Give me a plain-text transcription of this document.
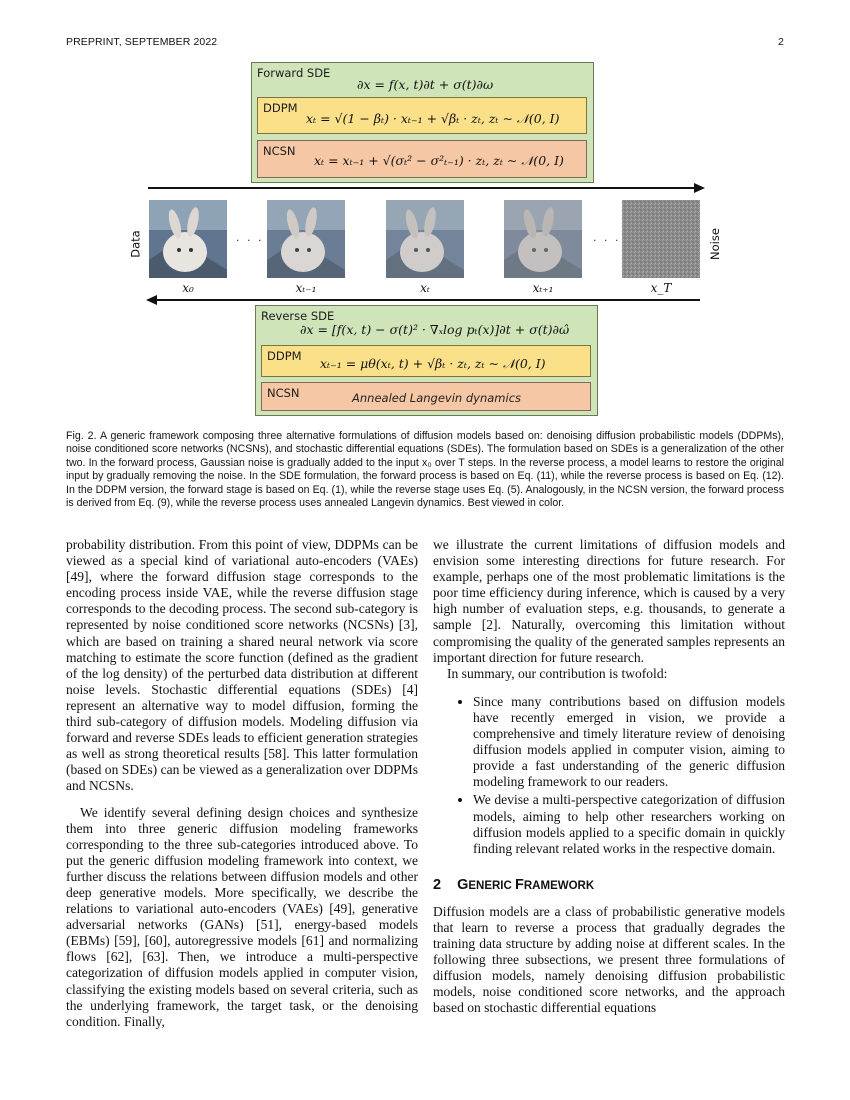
PREPRINT, SEPTEMBER 2022	2
Forward SDE
∂x = f(x, t)∂t + σ(t)∂ω
DDPM
xₜ = √(1 − βₜ) · xₜ₋₁ + √βₜ · zₜ, zₜ ∼ 𝒩(0, I)
NCSN
xₜ = xₜ₋₁ + √(σₜ² − σ²ₜ₋₁) · zₜ, zₜ ∼ 𝒩(0, I)
Data	Noise
· · ·	· · ·
x₀	xₜ₋₁	xₜ	xₜ₊₁	x_T
Reverse SDE
∂x = [f(x, t) − σ(t)² · ∇ₓlog pₜ(x)]∂t + σ(t)∂ω̂
DDPM xₜ₋₁ = μθ(xₜ, t) + √βₜ · zₜ, zₜ ∼ 𝒩(0, I)
NCSN	Annealed Langevin dynamics
Fig. 2. A generic framework composing three alternative formulations of diffusion models based on: denoising diffusion probabilistic models (DDPMs), noise conditioned score networks (NCSNs), and stochastic differential equations (SDEs). The formulation based on SDEs is a generalization of the other two. In the forward process, Gaussian noise is gradually added to the input x₀ over T steps. In the reverse process, a model learns to restore the original input by gradually removing the noise. In the SDE formulation, the forward process is based on Eq. (11), while the reverse process is based on Eq. (12). In the DDPM version, the forward stage is based on Eq. (1), while the reverse stage uses Eq. (5). Analogously, in the NCSN version, the forward process is derived from Eq. (9), while the reverse process uses annealed Langevin dynamics. Best viewed in color.

probability distribution. From this point of view, DDPMs can be viewed as a special kind of variational auto-encoders (VAEs) [49], where the forward diffusion stage corresponds to the encoding process inside VAE, while the reverse diffusion stage corresponds to the decoding process. The second sub-category is represented by noise conditioned score networks (NCSNs) [3], which are based on training a shared neural network via score matching to estimate the score function (defined as the gradient of the log density) of the perturbed data distribution at different noise levels. Stochastic differential equations (SDEs) [4] represent an alternative way to model diffusion, forming the third sub-category of diffusion models. Modeling diffusion via forward and reverse SDEs leads to efficient generation strategies as well as strong theoretical results [58]. This latter formulation (based on SDEs) can be viewed as a generalization over DDPMs and NCSNs.

We identify several defining design choices and synthesize them into three generic diffusion modeling frameworks corresponding to the three sub-categories introduced above. To put the generic diffusion modeling framework into context, we further discuss the relations between diffusion models and other deep generative models. More specifically, we describe the relations to variational auto-encoders (VAEs) [49], generative adversarial networks (GANs) [51], energy-based models (EBMs) [59], [60], autoregressive models [61] and normalizing flows [62], [63]. Then, we introduce a multi-perspective categorization of diffusion models applied in computer vision, classifying the existing models based on several criteria, such as the underlying framework, the target task, or the denoising condition. Finally,

we illustrate the current limitations of diffusion models and envision some interesting directions for future research. For example, perhaps one of the most problematic limitations is the poor time efficiency during inference, which is caused by a very high number of evaluation steps, e.g. thousands, to generate a sample [2]. Naturally, overcoming this limitation without compromising the quality of the generated samples represents an important direction for future research.

In summary, our contribution is twofold:

• Since many contributions based on diffusion models have recently emerged in vision, we provide a comprehensive and timely literature review of denoising diffusion models applied in computer vision, aiming to provide a fast understanding of the generic diffusion modeling framework to our readers.
• We devise a multi-perspective categorization of diffusion models, aiming to help other researchers working on diffusion models applied to a specific domain in quickly finding relevant related works in the respective domain.

2 GENERIC FRAMEWORK

Diffusion models are a class of probabilistic generative models that learn to reverse a process that gradually degrades the training data structure by adding noise at different scales. In the following three subsections, we present three formulations of diffusion models, namely denoising diffusion probabilistic models, noise conditioned score networks, and the approach based on stochastic differential equations
